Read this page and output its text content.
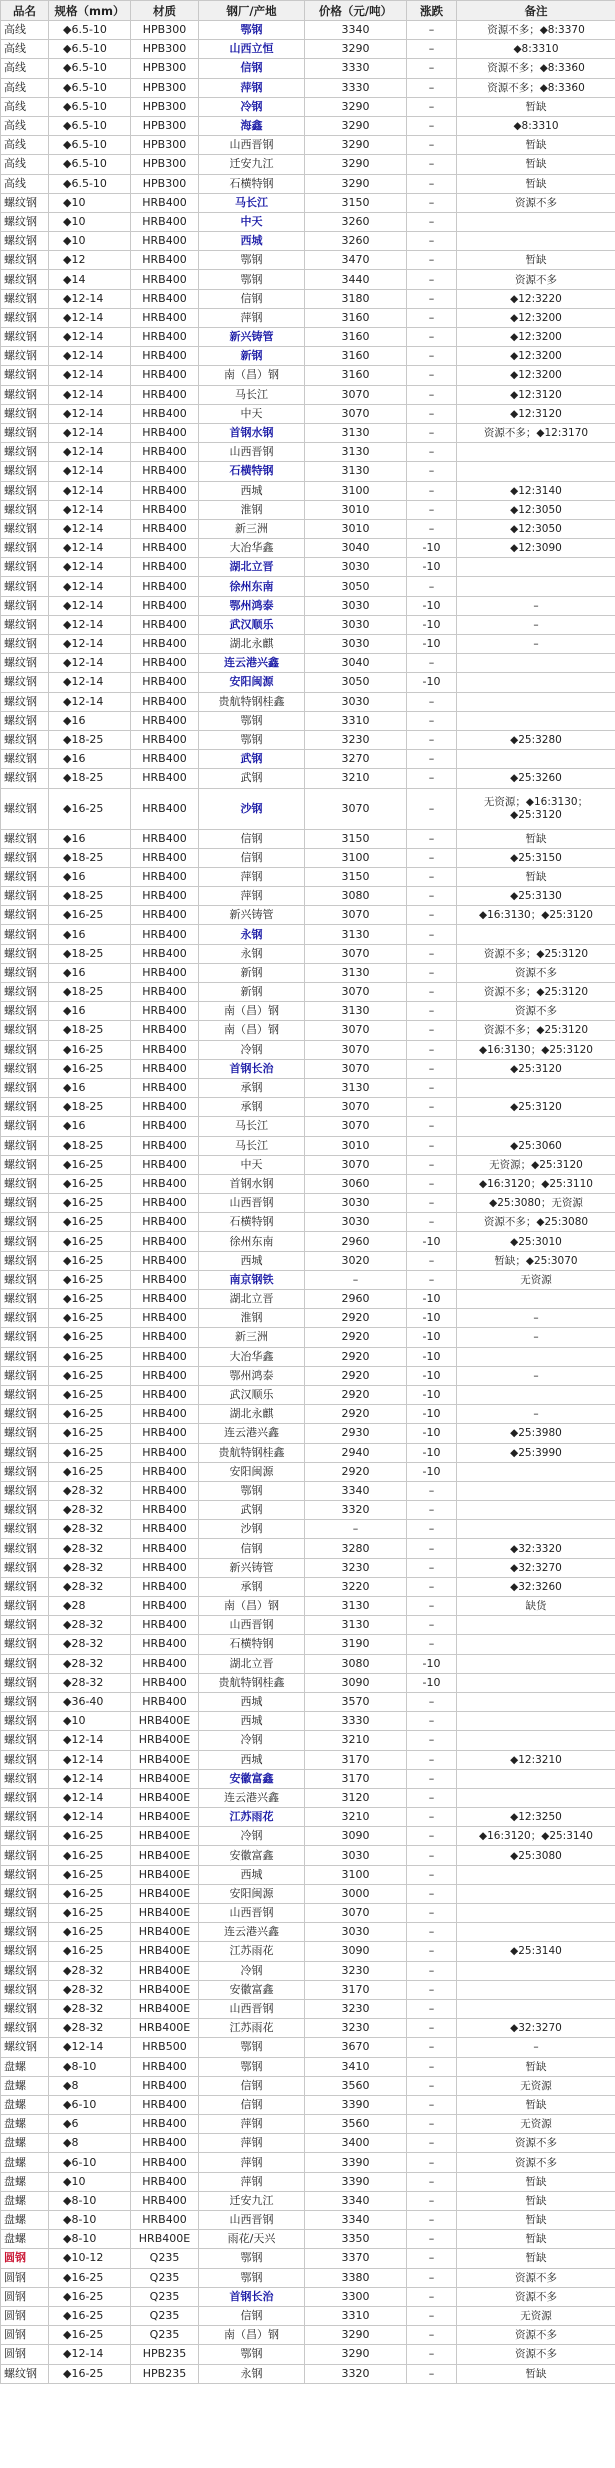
品名	规格（mm）	材质	钢厂/产地	价格（元/吨）	涨跌	备注
高线	◆6.5-10	HPB300	鄂钢	3340	–	资源不多；◆8:3370
高线	◆6.5-10	HPB300	山西立恒	3290	–	◆8:3310
高线	◆6.5-10	HPB300	信钢	3330	–	资源不多；◆8:3360
高线	◆6.5-10	HPB300	萍钢	3330	–	资源不多；◆8:3360
高线	◆6.5-10	HPB300	冷钢	3290	–	暂缺
高线	◆6.5-10	HPB300	海鑫	3290	–	◆8:3310
高线	◆6.5-10	HPB300	山西晋钢	3290	–	暂缺
高线	◆6.5-10	HPB300	迁安九江	3290	–	暂缺
高线	◆6.5-10	HPB300	石横特钢	3290	–	暂缺
螺纹钢	◆10	HRB400	马长江	3150	–	资源不多
螺纹钢	◆10	HRB400	中天	3260	–	
螺纹钢	◆10	HRB400	西城	3260	–	
螺纹钢	◆12	HRB400	鄂钢	3470	–	暂缺
螺纹钢	◆14	HRB400	鄂钢	3440	–	资源不多
螺纹钢	◆12-14	HRB400	信钢	3180	–	◆12:3220
螺纹钢	◆12-14	HRB400	萍钢	3160	–	◆12:3200
螺纹钢	◆12-14	HRB400	新兴铸管	3160	–	◆12:3200
螺纹钢	◆12-14	HRB400	新钢	3160	–	◆12:3200
螺纹钢	◆12-14	HRB400	南（昌）钢	3160	–	◆12:3200
螺纹钢	◆12-14	HRB400	马长江	3070	–	◆12:3120
螺纹钢	◆12-14	HRB400	中天	3070	–	◆12:3120
螺纹钢	◆12-14	HRB400	首钢水钢	3130	–	资源不多；◆12:3170
螺纹钢	◆12-14	HRB400	山西晋钢	3130	–	
螺纹钢	◆12-14	HRB400	石横特钢	3130	–	
螺纹钢	◆12-14	HRB400	西城	3100	–	◆12:3140
螺纹钢	◆12-14	HRB400	淮钢	3010	–	◆12:3050
螺纹钢	◆12-14	HRB400	新三洲	3010	–	◆12:3050
螺纹钢	◆12-14	HRB400	大冶华鑫	3040	-10	◆12:3090
螺纹钢	◆12-14	HRB400	湖北立晋	3030	-10	
螺纹钢	◆12-14	HRB400	徐州东南	3050	–	
螺纹钢	◆12-14	HRB400	鄂州鸿泰	3030	-10	–
螺纹钢	◆12-14	HRB400	武汉顺乐	3030	-10	–
螺纹钢	◆12-14	HRB400	湖北永麒	3030	-10	–
螺纹钢	◆12-14	HRB400	连云港兴鑫	3040	–	
螺纹钢	◆12-14	HRB400	安阳闽源	3050	-10	
螺纹钢	◆12-14	HRB400	贵航特钢桂鑫	3030	–	
螺纹钢	◆16	HRB400	鄂钢	3310	–	
螺纹钢	◆18-25	HRB400	鄂钢	3230	–	◆25:3280
螺纹钢	◆16	HRB400	武钢	3270	–	
螺纹钢	◆18-25	HRB400	武钢	3210	–	◆25:3260
螺纹钢	◆16-25	HRB400	沙钢	3070	–	无资源；◆16:3130；◆25:3120
螺纹钢	◆16	HRB400	信钢	3150	–	暂缺
螺纹钢	◆18-25	HRB400	信钢	3100	–	◆25:3150
螺纹钢	◆16	HRB400	萍钢	3150	–	暂缺
螺纹钢	◆18-25	HRB400	萍钢	3080	–	◆25:3130
螺纹钢	◆16-25	HRB400	新兴铸管	3070	–	◆16:3130；◆25:3120
螺纹钢	◆16	HRB400	永钢	3130	–	
螺纹钢	◆18-25	HRB400	永钢	3070	–	资源不多；◆25:3120
螺纹钢	◆16	HRB400	新钢	3130	–	资源不多
螺纹钢	◆18-25	HRB400	新钢	3070	–	资源不多；◆25:3120
螺纹钢	◆16	HRB400	南（昌）钢	3130	–	资源不多
螺纹钢	◆18-25	HRB400	南（昌）钢	3070	–	资源不多；◆25:3120
螺纹钢	◆16-25	HRB400	冷钢	3070	–	◆16:3130；◆25:3120
螺纹钢	◆16-25	HRB400	首钢长治	3070	–	◆25:3120
螺纹钢	◆16	HRB400	承钢	3130	–	
螺纹钢	◆18-25	HRB400	承钢	3070	–	◆25:3120
螺纹钢	◆16	HRB400	马长江	3070	–	
螺纹钢	◆18-25	HRB400	马长江	3010	–	◆25:3060
螺纹钢	◆16-25	HRB400	中天	3070	–	无资源；◆25:3120
螺纹钢	◆16-25	HRB400	首钢水钢	3060	–	◆16:3120；◆25:3110
螺纹钢	◆16-25	HRB400	山西晋钢	3030	–	◆25:3080；无资源
螺纹钢	◆16-25	HRB400	石横特钢	3030	–	资源不多；◆25:3080
螺纹钢	◆16-25	HRB400	徐州东南	2960	-10	◆25:3010
螺纹钢	◆16-25	HRB400	西城	3020	–	暂缺；◆25:3070
螺纹钢	◆16-25	HRB400	南京钢铁	–	–	无资源
螺纹钢	◆16-25	HRB400	湖北立晋	2960	-10	
螺纹钢	◆16-25	HRB400	淮钢	2920	-10	–
螺纹钢	◆16-25	HRB400	新三洲	2920	-10	–
螺纹钢	◆16-25	HRB400	大冶华鑫	2920	-10	
螺纹钢	◆16-25	HRB400	鄂州鸿泰	2920	-10	–
螺纹钢	◆16-25	HRB400	武汉顺乐	2920	-10	
螺纹钢	◆16-25	HRB400	湖北永麒	2920	-10	–
螺纹钢	◆16-25	HRB400	连云港兴鑫	2930	-10	◆25:3980
螺纹钢	◆16-25	HRB400	贵航特钢桂鑫	2940	-10	◆25:3990
螺纹钢	◆16-25	HRB400	安阳闽源	2920	-10	
螺纹钢	◆28-32	HRB400	鄂钢	3340	–	
螺纹钢	◆28-32	HRB400	武钢	3320	–	
螺纹钢	◆28-32	HRB400	沙钢	–	–	
螺纹钢	◆28-32	HRB400	信钢	3280	–	◆32:3320
螺纹钢	◆28-32	HRB400	新兴铸管	3230	–	◆32:3270
螺纹钢	◆28-32	HRB400	承钢	3220	–	◆32:3260
螺纹钢	◆28	HRB400	南（昌）钢	3130	–	缺货
螺纹钢	◆28-32	HRB400	山西晋钢	3130	–	
螺纹钢	◆28-32	HRB400	石横特钢	3190	–	
螺纹钢	◆28-32	HRB400	湖北立晋	3080	-10	
螺纹钢	◆28-32	HRB400	贵航特钢桂鑫	3090	-10	
螺纹钢	◆36-40	HRB400	西城	3570	–	
螺纹钢	◆10	HRB400E	西城	3330	–	
螺纹钢	◆12-14	HRB400E	冷钢	3210	–	
螺纹钢	◆12-14	HRB400E	西城	3170	–	◆12:3210
螺纹钢	◆12-14	HRB400E	安徽富鑫	3170	–	
螺纹钢	◆12-14	HRB400E	连云港兴鑫	3120	–	
螺纹钢	◆12-14	HRB400E	江苏雨花	3210	–	◆12:3250
螺纹钢	◆16-25	HRB400E	冷钢	3090	–	◆16:3120；◆25:3140
螺纹钢	◆16-25	HRB400E	安徽富鑫	3030	–	◆25:3080
螺纹钢	◆16-25	HRB400E	西城	3100	–	
螺纹钢	◆16-25	HRB400E	安阳闽源	3000	–	
螺纹钢	◆16-25	HRB400E	山西晋钢	3070	–	
螺纹钢	◆16-25	HRB400E	连云港兴鑫	3030	–	
螺纹钢	◆16-25	HRB400E	江苏雨花	3090	–	◆25:3140
螺纹钢	◆28-32	HRB400E	冷钢	3230	–	
螺纹钢	◆28-32	HRB400E	安徽富鑫	3170	–	
螺纹钢	◆28-32	HRB400E	山西晋钢	3230	–	
螺纹钢	◆28-32	HRB400E	江苏雨花	3230	–	◆32:3270
螺纹钢	◆12-14	HRB500	鄂钢	3670	–	–
盘螺	◆8-10	HRB400	鄂钢	3410	–	暂缺
盘螺	◆8	HRB400	信钢	3560	–	无资源
盘螺	◆6-10	HRB400	信钢	3390	–	暂缺
盘螺	◆6	HRB400	萍钢	3560	–	无资源
盘螺	◆8	HRB400	萍钢	3400	–	资源不多
盘螺	◆6-10	HRB400	萍钢	3390	–	资源不多
盘螺	◆10	HRB400	萍钢	3390	–	暂缺
盘螺	◆8-10	HRB400	迁安九江	3340	–	暂缺
盘螺	◆8-10	HRB400	山西晋钢	3340	–	暂缺
盘螺	◆8-10	HRB400E	雨花/天兴	3350	–	暂缺
圆钢	◆10-12	Q235	鄂钢	3370	–	暂缺
圆钢	◆16-25	Q235	鄂钢	3380	–	资源不多
圆钢	◆16-25	Q235	首钢长治	3300	–	资源不多
圆钢	◆16-25	Q235	信钢	3310	–	无资源
圆钢	◆16-25	Q235	南（昌）钢	3290	–	资源不多
圆钢	◆12-14	HPB235	鄂钢	3290	–	资源不多
螺纹钢	◆16-25	HPB235	永钢	3320	–	暂缺
